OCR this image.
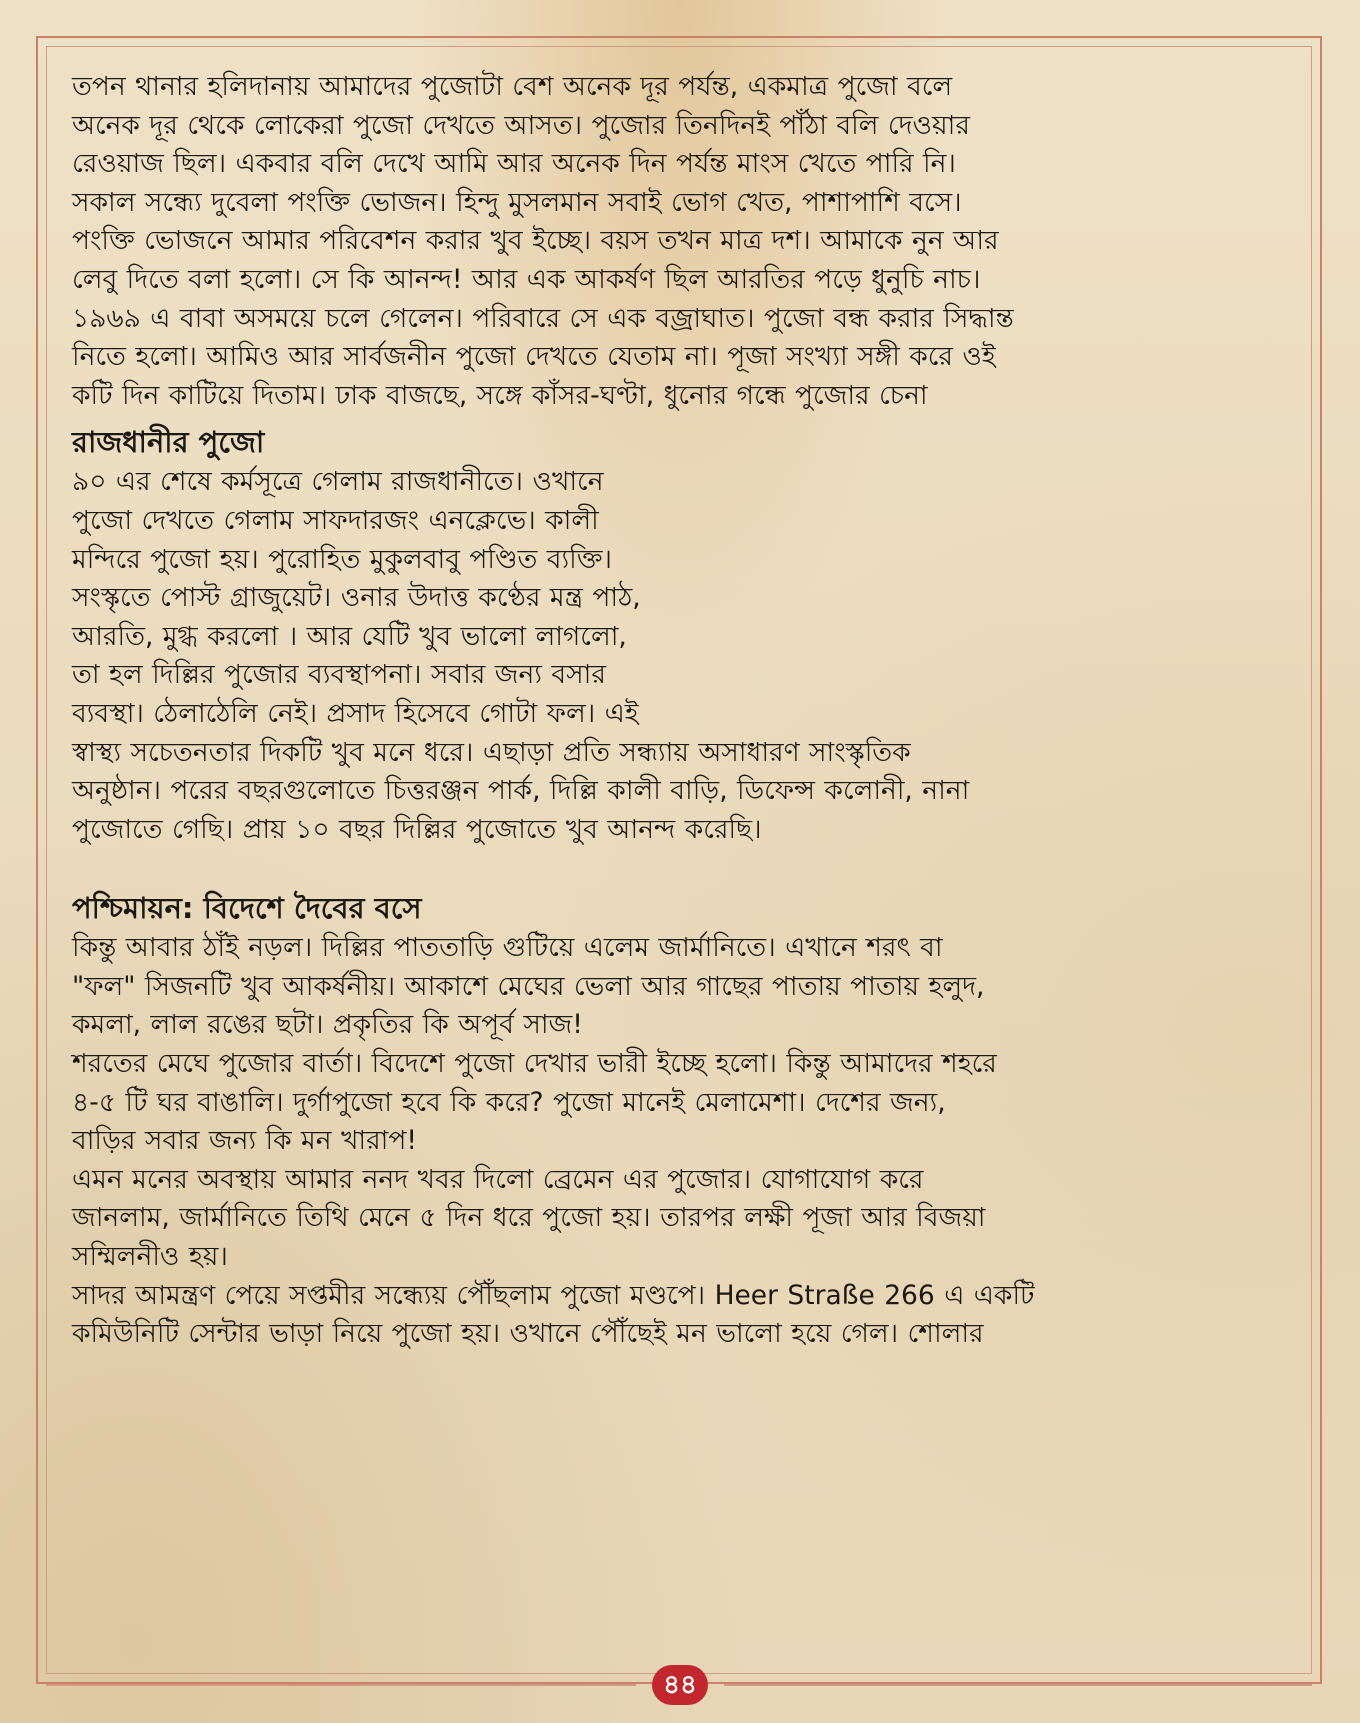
তপন থানার হলিদানায় আমাদের পুজোটা বেশ অনেক দূর পর্যন্ত, একমাত্র পুজো বলে
অনেক দূর থেকে লোকেরা পুজো দেখতে আসত। পুজোর তিনদিনই পাঁঠা বলি দেওয়ার
রেওয়াজ ছিল। একবার বলি দেখে আমি আর অনেক দিন পর্যন্ত মাংস খেতে পারি নি।
সকাল সন্ধ্যে দুবেলা পংক্তি ভোজন। হিন্দু মুসলমান সবাই ভোগ খেত, পাশাপাশি বসে।
পংক্তি ভোজনে আমার পরিবেশন করার খুব ইচ্ছে। বয়স তখন মাত্র দশ। আমাকে নুন আর
লেবু দিতে বলা হলো। সে কি আনন্দ! আর এক আকর্ষণ ছিল আরতির পড়ে ধুনুচি নাচ।
১৯৬৯ এ বাবা অসময়ে চলে গেলেন। পরিবারে সে এক বজ্রাঘাত। পুজো বন্ধ করার সিদ্ধান্ত
নিতে হলো। আমিও আর সার্বজনীন পুজো দেখতে যেতাম না। পূজা সংখ্যা সঙ্গী করে ওই
কটি দিন কাটিয়ে দিতাম। ঢাক বাজছে, সঙ্গে কাঁসর-ঘণ্টা, ধুনোর গন্ধে পুজোর চেনা
রাজধানীর পুজো
৯০ এর শেষে কর্মসূত্রে গেলাম রাজধানীতে। ওখানে
পুজো দেখতে গেলাম সাফদারজং এনক্লেভে। কালী
মন্দিরে পুজো হয়। পুরোহিত মুকুলবাবু পণ্ডিত ব্যক্তি।
সংস্কৃতে পোস্ট গ্রাজুয়েট। ওনার উদাত্ত কণ্ঠের মন্ত্র পাঠ,
আরতি, মুগ্ধ করলো । আর যেটি খুব ভালো লাগলো,
তা হল দিল্লির পুজোর ব্যবস্থাপনা। সবার জন্য বসার
ব্যবস্থা। ঠেলাঠেলি নেই। প্রসাদ হিসেবে গোটা ফল। এই
স্বাস্থ্য সচেতনতার দিকটি খুব মনে ধরে। এছাড়া প্রতি সন্ধ্যায় অসাধারণ সাংস্কৃতিক
অনুষ্ঠান। পরের বছরগুলোতে চিত্তরঞ্জন পার্ক, দিল্লি কালী বাড়ি, ডিফেন্স কলোনী, নানা
পুজোতে গেছি। প্রায় ১০ বছর দিল্লির পুজোতে খুব আনন্দ করেছি।
পশ্চিমায়ন: বিদেশে দৈবের বসে
কিন্তু আবার ঠাঁই নড়ল। দিল্লির পাততাড়ি গুটিয়ে এলেম জার্মানিতে। এখানে শরৎ বা
"ফল" সিজনটি খুব আকর্ষনীয়। আকাশে মেঘের ভেলা আর গাছের পাতায় পাতায় হলুদ,
কমলা, লাল রঙের ছটা। প্রকৃতির কি অপূর্ব সাজ!
শরতের মেঘে পুজোর বার্তা। বিদেশে পুজো দেখার ভারী ইচ্ছে হলো। কিন্তু আমাদের শহরে
৪-৫ টি ঘর বাঙালি। দুর্গাপুজো হবে কি করে? পুজো মানেই মেলামেশা। দেশের জন্য,
বাড়ির সবার জন্য কি মন খারাপ!
এমন মনের অবস্থায় আমার ননদ খবর দিলো ব্রেমেন এর পুজোর। যোগাযোগ করে
জানলাম, জার্মানিতে তিথি মেনে ৫ দিন ধরে পুজো হয়। তারপর লক্ষী পূজা আর বিজয়া
সম্মিলনীও হয়।
সাদর আমন্ত্রণ পেয়ে সপ্তমীর সন্ধ্যেয় পৌঁছলাম পুজো মণ্ডপে। Heer Straße 266 এ একটি
কমিউনিটি সেন্টার ভাড়া নিয়ে পুজো হয়। ওখানে পৌঁছেই মন ভালো হয়ে গেল। শোলার
৪৪
